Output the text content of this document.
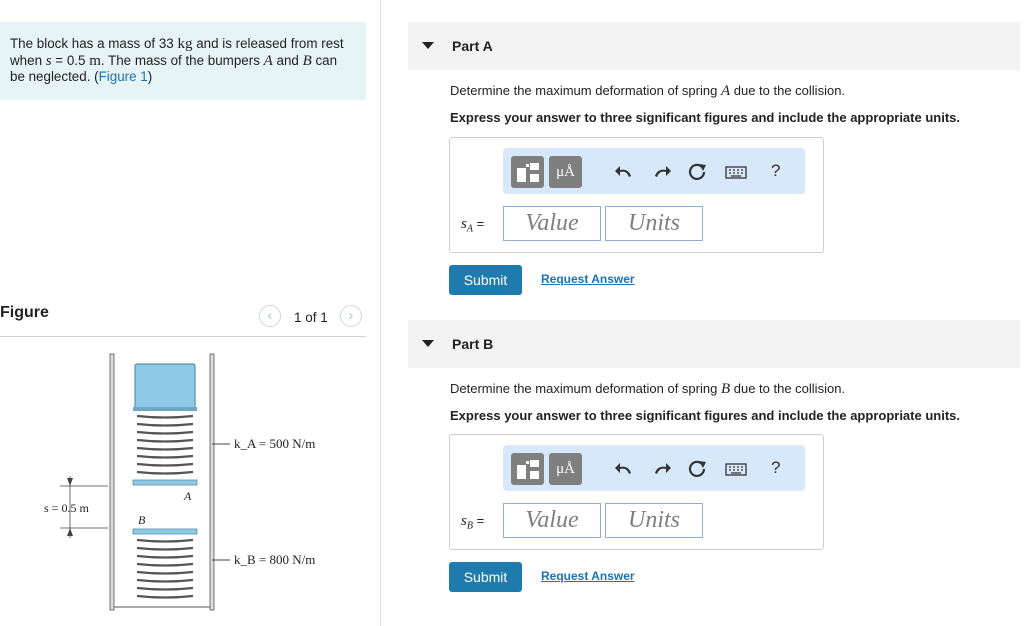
The block has a mass of 33 kg and is released from rest
when s = 0.5 m. The mass of the bumpers A and B can
be neglected. (Figure 1)
Figure	‹	1 of 1	›
k_A = 500 N/m
k_B = 800 N/m
s = 0.5 m
A
B
Part A
Determine the maximum deformation of spring A due to the collision.
Express your answer to three significant figures and include the appropriate units.
μÅ	?
$s_A$ =	Value	Units
Submit	Request Answer
Part B
Determine the maximum deformation of spring B due to the collision.
Express your answer to three significant figures and include the appropriate units.
μÅ	?
$s_B$ =	Value	Units
Submit	Request Answer
